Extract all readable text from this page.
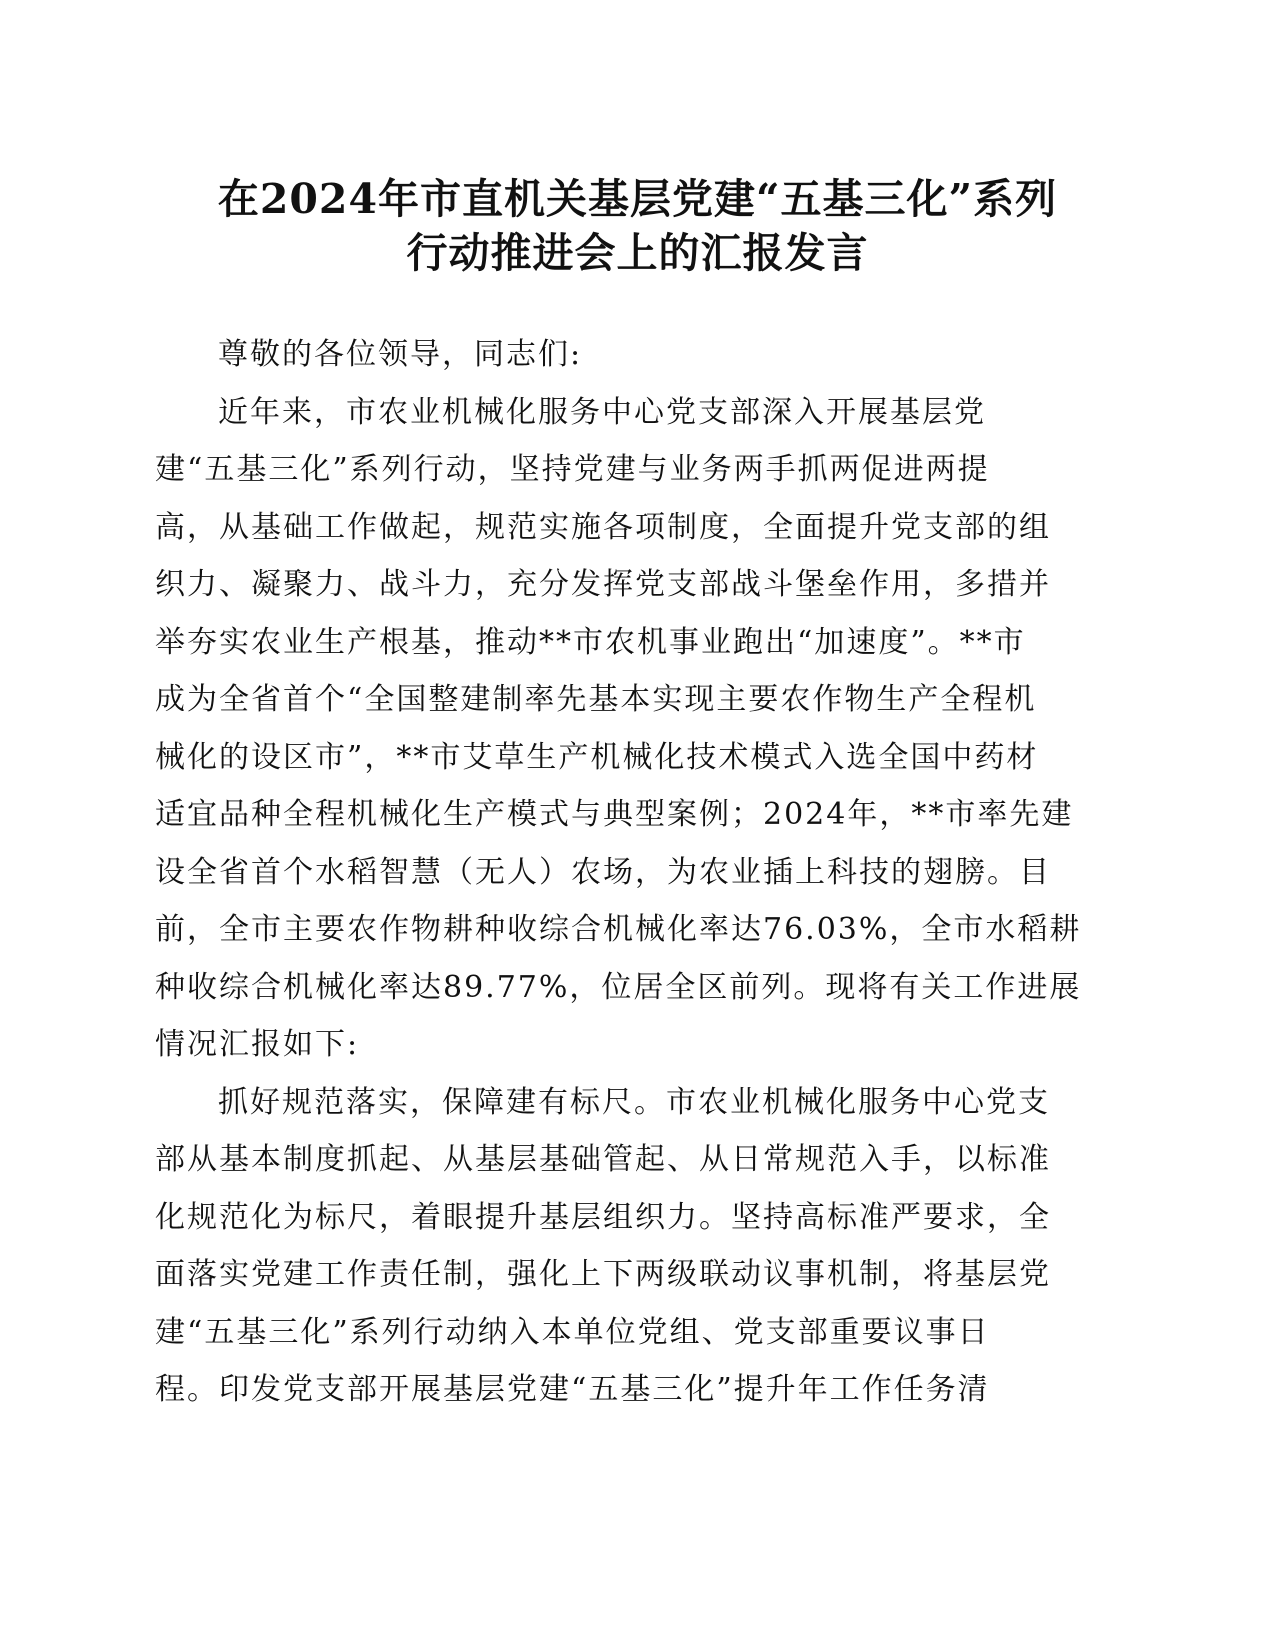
在2024年市直机关基层党建“五基三化”系列
行动推进会上的汇报发言
尊敬的各位领导，同志们:
近年来，市农业机械化服务中心党支部深入开展基层党
建“五基三化”系列行动，坚持党建与业务两手抓两促进两提
高，从基础工作做起，规范实施各项制度，全面提升党支部的组
织力、凝聚力、战斗力，充分发挥党支部战斗堡垒作用，多措并
举夯实农业生产根基，推动**市农机事业跑出“加速度”。**市
成为全省首个“全国整建制率先基本实现主要农作物生产全程机
械化的设区市”，**市艾草生产机械化技术模式入选全国中药材
适宜品种全程机械化生产模式与典型案例；2024年，**市率先建
设全省首个水稻智慧（无人）农场，为农业插上科技的翅膀。目
前，全市主要农作物耕种收综合机械化率达76.03%，全市水稻耕
种收综合机械化率达89.77%，位居全区前列。现将有关工作进展
情况汇报如下:
抓好规范落实，保障建有标尺。市农业机械化服务中心党支
部从基本制度抓起、从基层基础管起、从日常规范入手，以标准
化规范化为标尺，着眼提升基层组织力。坚持高标准严要求，全
面落实党建工作责任制，强化上下两级联动议事机制，将基层党
建“五基三化”系列行动纳入本单位党组、党支部重要议事日
程。印发党支部开展基层党建“五基三化”提升年工作任务清
